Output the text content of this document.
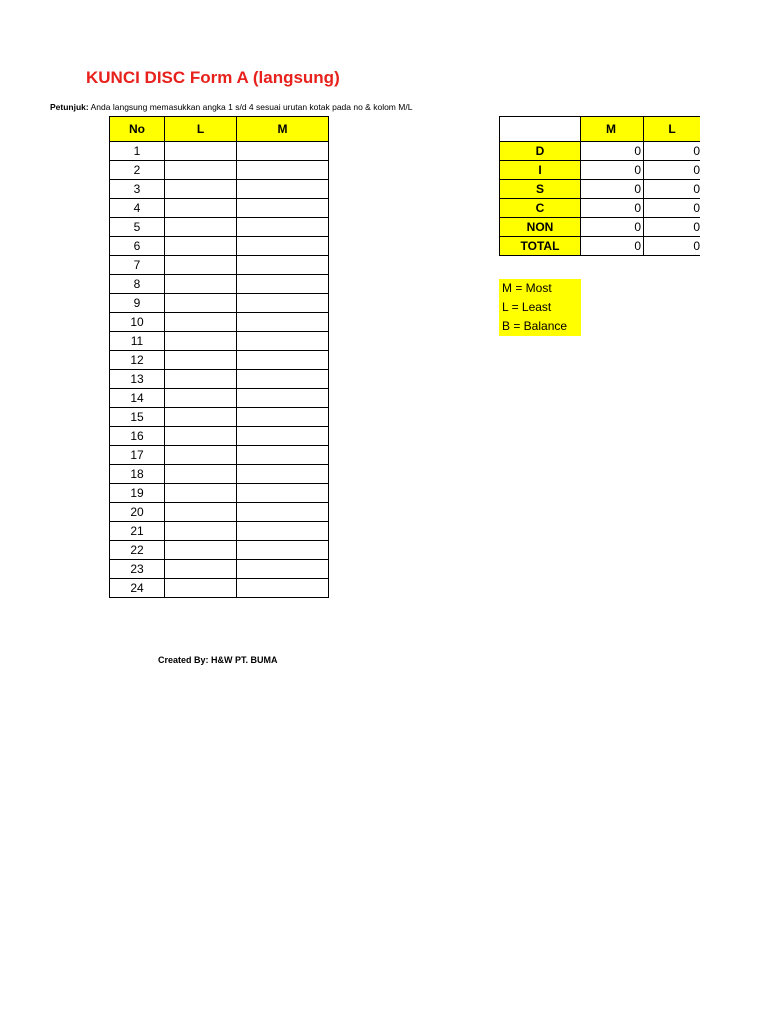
KUNCI DISC Form A (langsung)
Petunjuk: Anda langsung memasukkan angka 1 s/d 4 sesuai urutan kotak pada no & kolom M/L
No	L	M
1		
2		
3		
4		
5		
6		
7		
8		
9		
10		
11		
12		
13		
14		
15		
16		
17		
18		
19		
20		
21		
22		
23		
24		
	M	L
D	0	0
I	0	0
S	0	0
C	0	0
NON	0	0
TOTAL	0	0
M = Most
L = Least
B = Balance
Created By: H&W PT. BUMA
